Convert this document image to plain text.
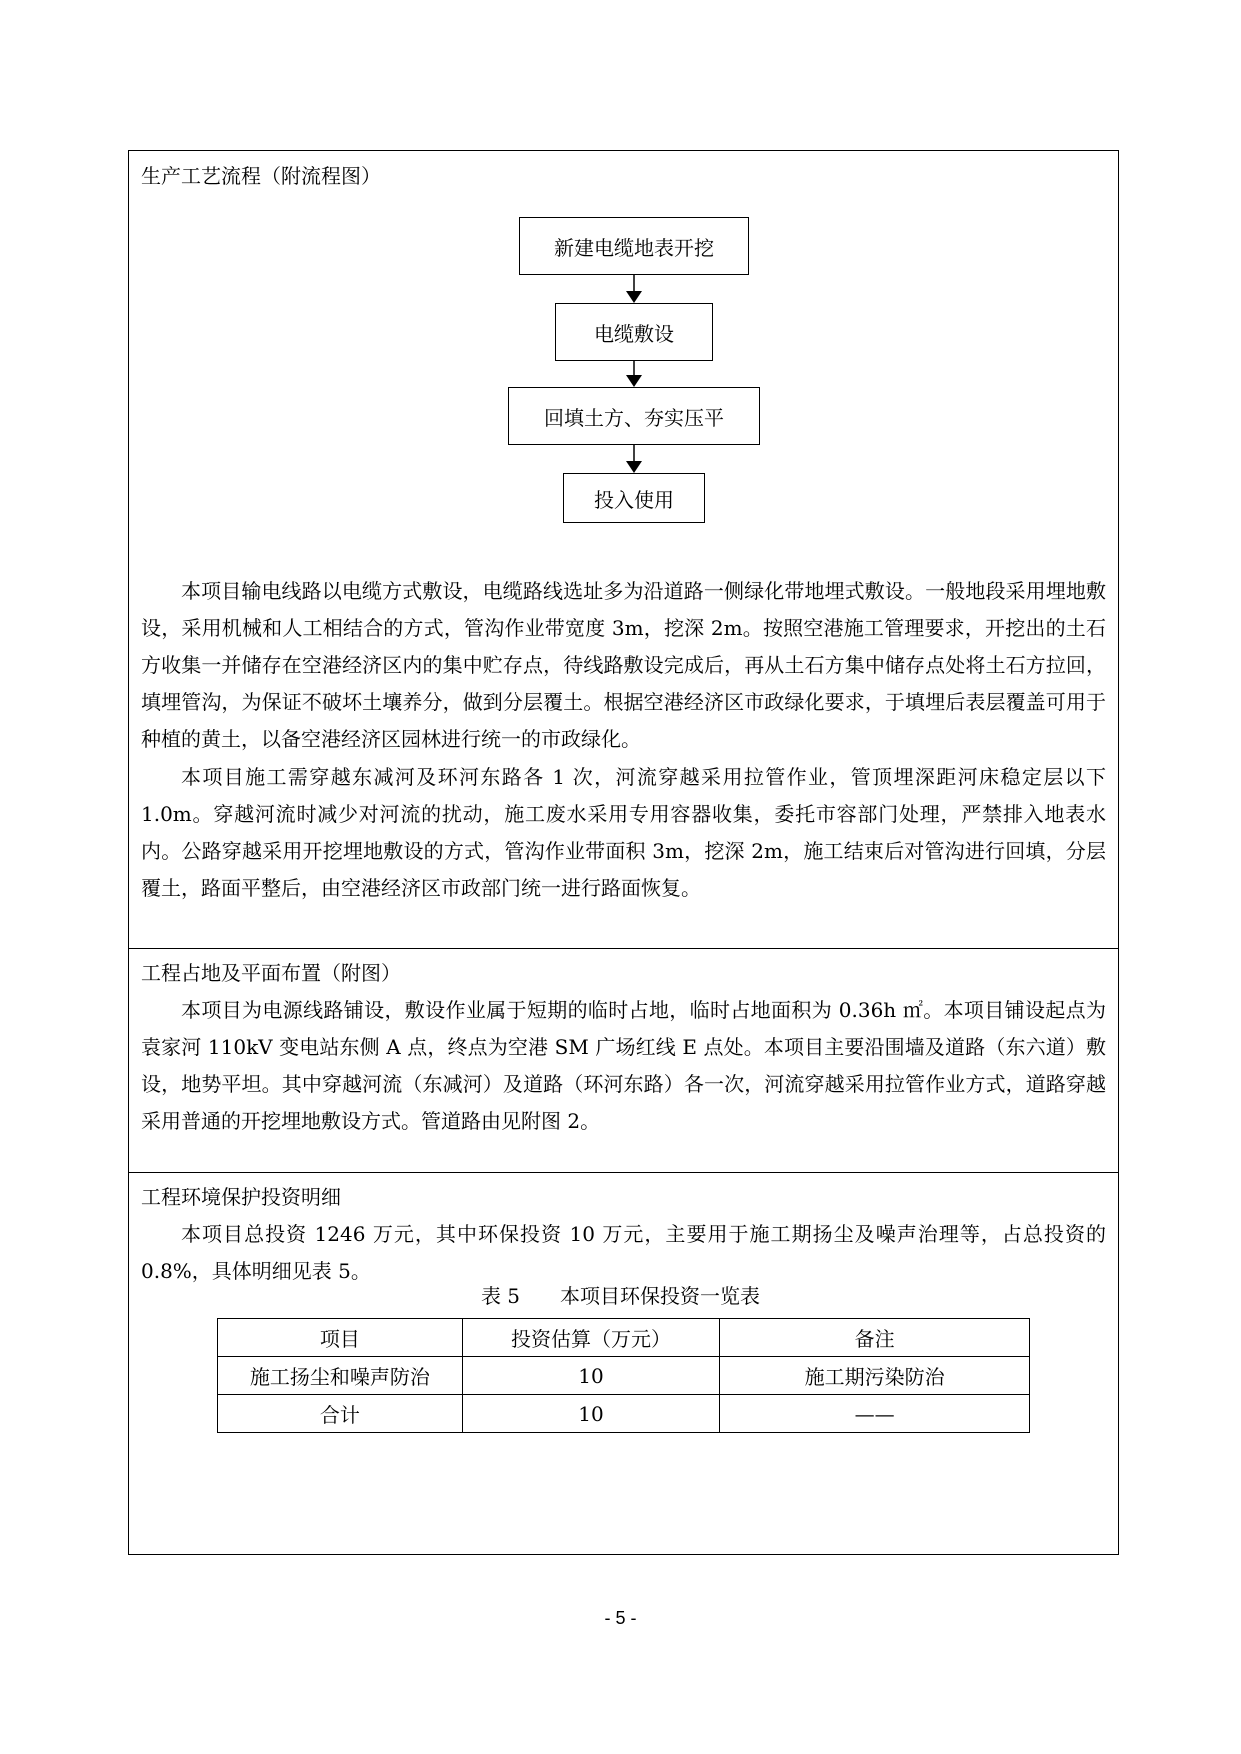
生产工艺流程（附流程图）
新建电缆地表开挖
电缆敷设
回填土方、夯实压平
投入使用

本项目输电线路以电缆方式敷设，电缆路线选址多为沿道路一侧绿化带地埋式敷设。一般地段采用埋地敷设，采用机械和人工相结合的方式，管沟作业带宽度 3m，挖深 2m。按照空港施工管理要求，开挖出的土石方收集一并储存在空港经济区内的集中贮存点，待线路敷设完成后，再从土石方集中储存点处将土石方拉回，填埋管沟，为保证不破坏土壤养分，做到分层覆土。根据空港经济区市政绿化要求，于填埋后表层覆盖可用于种植的黄土，以备空港经济区园林进行统一的市政绿化。

本项目施工需穿越东减河及环河东路各 1 次，河流穿越采用拉管作业，管顶埋深距河床稳定层以下 1.0m。穿越河流时减少对河流的扰动，施工废水采用专用容器收集，委托市容部门处理，严禁排入地表水内。公路穿越采用开挖埋地敷设的方式，管沟作业带面积 3m，挖深 2m，施工结束后对管沟进行回填，分层覆土，路面平整后，由空港经济区市政部门统一进行路面恢复。

工程占地及平面布置（附图）

本项目为电源线路铺设，敷设作业属于短期的临时占地，临时占地面积为 0.36h ㎡。本项目铺设起点为袁家河 110kV 变电站东侧 A 点，终点为空港 SM 广场红线 E 点处。本项目主要沿围墙及道路（东六道）敷设，地势平坦。其中穿越河流（东减河）及道路（环河东路）各一次，河流穿越采用拉管作业方式，道路穿越采用普通的开挖埋地敷设方式。管道路由见附图 2。

工程环境保护投资明细

本项目总投资 1246 万元，其中环保投资 10 万元，主要用于施工期扬尘及噪声治理等，占总投资的 0.8%，具体明细见表 5。

表 5 本项目环保投资一览表
项目	投资估算（万元）	备注
施工扬尘和噪声防治	10	施工期污染防治
合计	10	——
- 5 -
